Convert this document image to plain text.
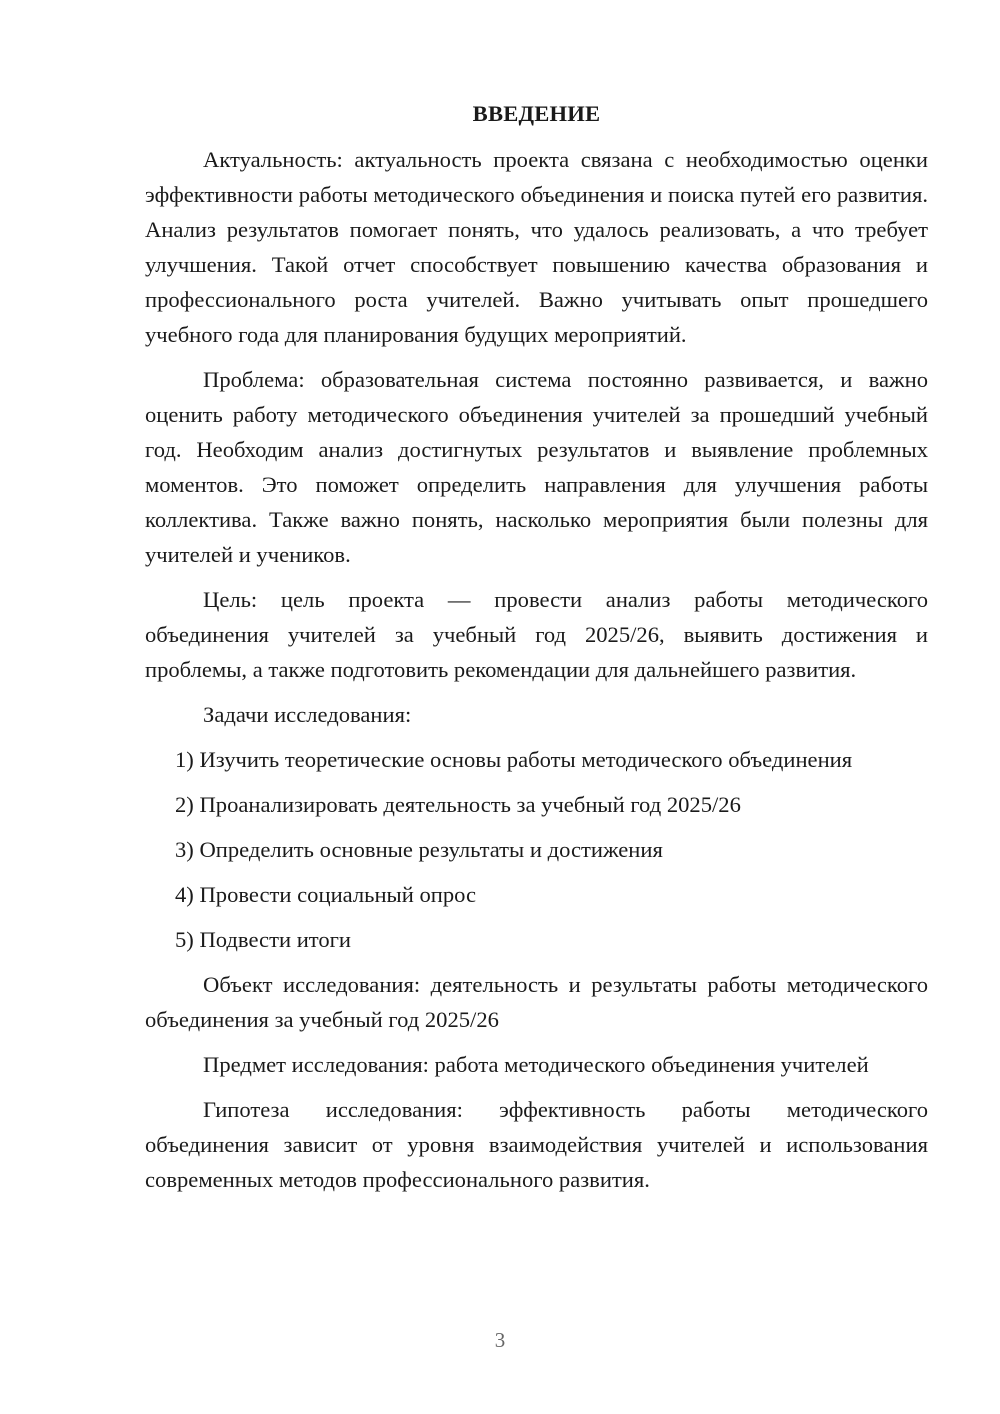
ВВЕДЕНИЕ

Актуальность: актуальность проекта связана с необходимостью оценки эффективности работы методического объединения и поиска путей его развития. Анализ результатов помогает понять, что удалось реализовать, а что требует улучшения. Такой отчет способствует повышению качества образования и профессионального роста учителей. Важно учитывать опыт прошедшего учебного года для планирования будущих мероприятий.

Проблема: образовательная система постоянно развивается, и важно оценить работу методического объединения учителей за прошедший учебный год. Необходим анализ достигнутых результатов и выявление проблемных моментов. Это поможет определить направления для улучшения работы коллектива. Также важно понять, насколько мероприятия были полезны для учителей и учеников.

Цель: цель проекта — провести анализ работы методического объединения учителей за учебный год 2025/26, выявить достижения и проблемы, а также подготовить рекомендации для дальнейшего развития.

Задачи исследования:

1) Изучить теоретические основы работы методического объединения
2) Проанализировать деятельность за учебный год 2025/26
3) Определить основные результаты и достижения
4) Провести социальный опрос
5) Подвести итоги

Объект исследования: деятельность и результаты работы методического объединения за учебный год 2025/26

Предмет исследования: работа методического объединения учителей

Гипотеза исследования: эффективность работы методического объединения зависит от уровня взаимодействия учителей и использования современных методов профессионального развития.

3
